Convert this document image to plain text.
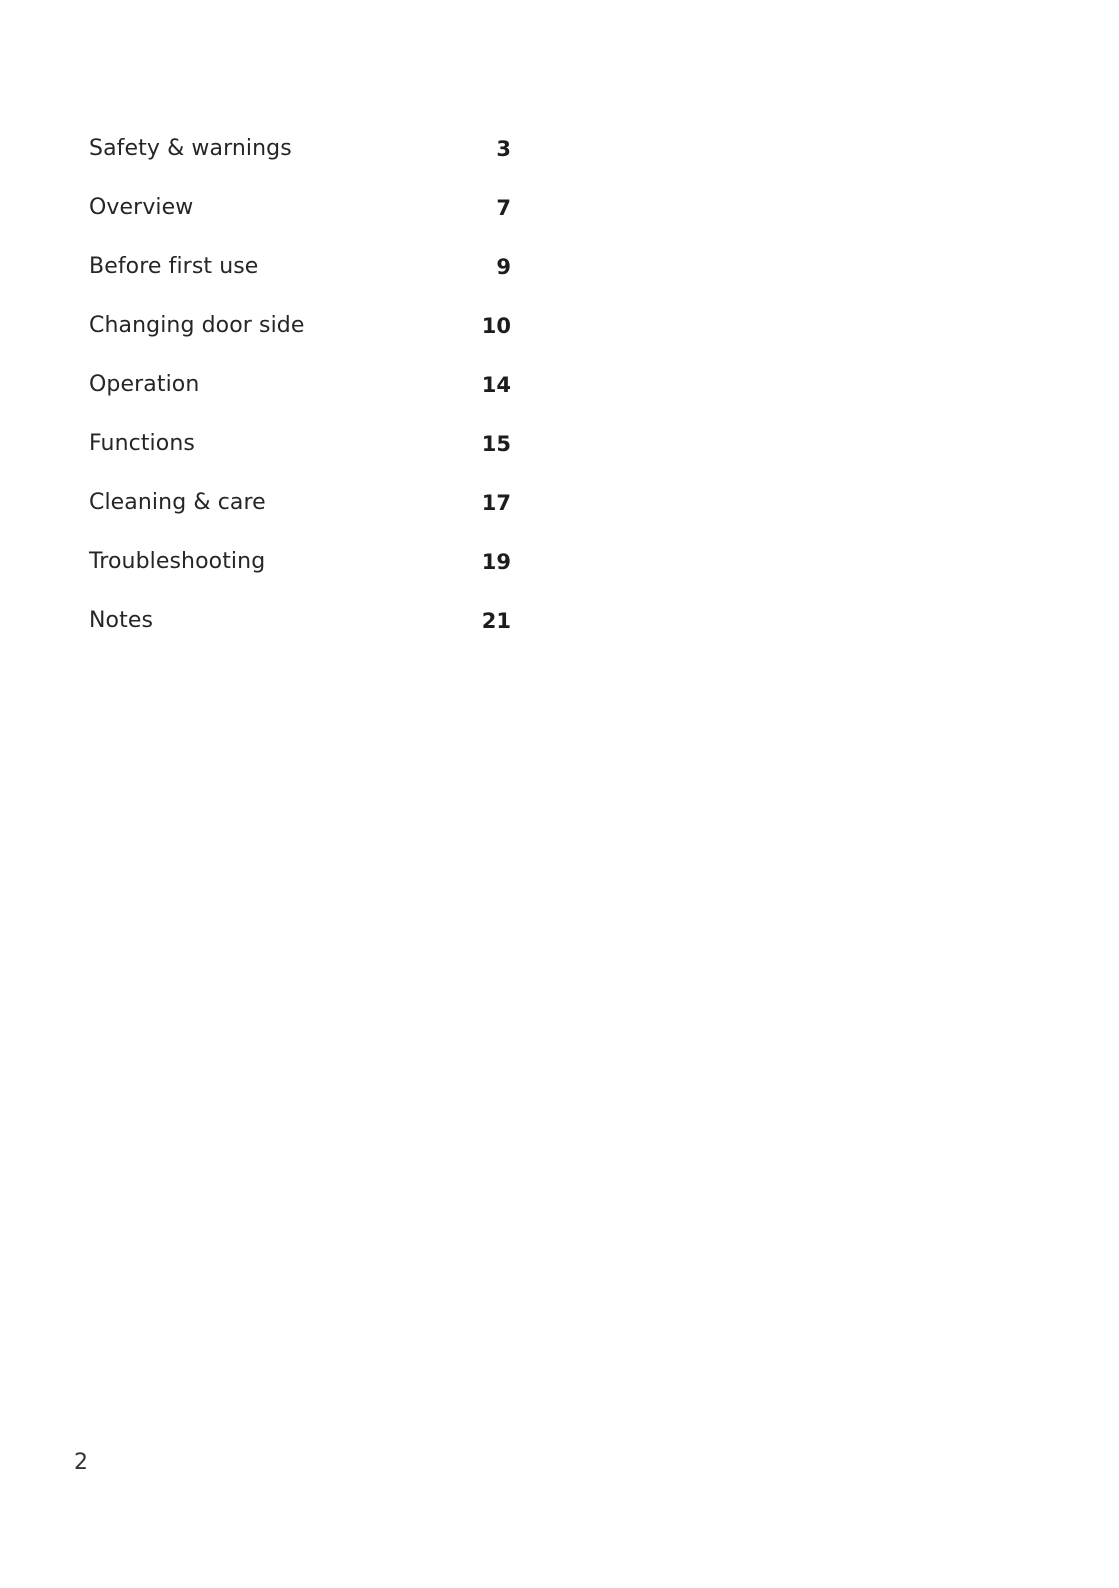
Safety & warnings	3
Overview	7
Before first use	9
Changing door side	10
Operation	14
Functions	15
Cleaning & care	17
Troubleshooting	19
Notes	21
2
